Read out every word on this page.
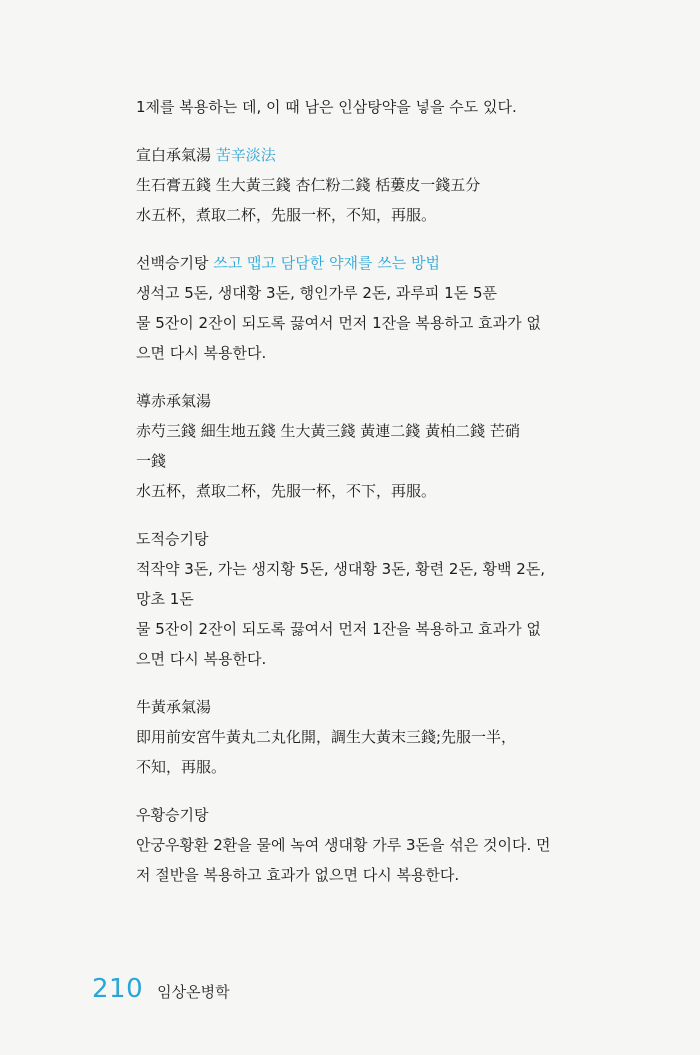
1제를 복용하는 데, 이 때 남은 인삼탕약을 넣을 수도 있다.
宣白承氣湯 苦辛淡法
生石膏五錢 生大黃三錢 杏仁粉二錢 栝蔞皮一錢五分
水五杯，煮取二杯，先服一杯，不知，再服。
선백승기탕 쓰고 맵고 담담한 약재를 쓰는 방법
생석고 5돈, 생대황 3돈, 행인가루 2돈, 과루피 1돈 5푼
물 5잔이 2잔이 되도록 끓여서 먼저 1잔을 복용하고 효과가 없
으면 다시 복용한다.
導赤承氣湯
赤芍三錢 細生地五錢 生大黃三錢 黃連二錢 黃柏二錢 芒硝
一錢
水五杯，煮取二杯，先服一杯，不下，再服。
도적승기탕
적작약 3돈, 가는 생지황 5돈, 생대황 3돈, 황련 2돈, 황백 2돈,
망초 1돈
물 5잔이 2잔이 되도록 끓여서 먼저 1잔을 복용하고 효과가 없
으면 다시 복용한다.
牛黃承氣湯
即用前安宮牛黃丸二丸化開，調生大黃末三錢;先服一半，
不知，再服。
우황승기탕
안궁우황환 2환을 물에 녹여 생대황 가루 3돈을 섞은 것이다. 먼
저 절반을 복용하고 효과가 없으면 다시 복용한다.
210 임상온병학
